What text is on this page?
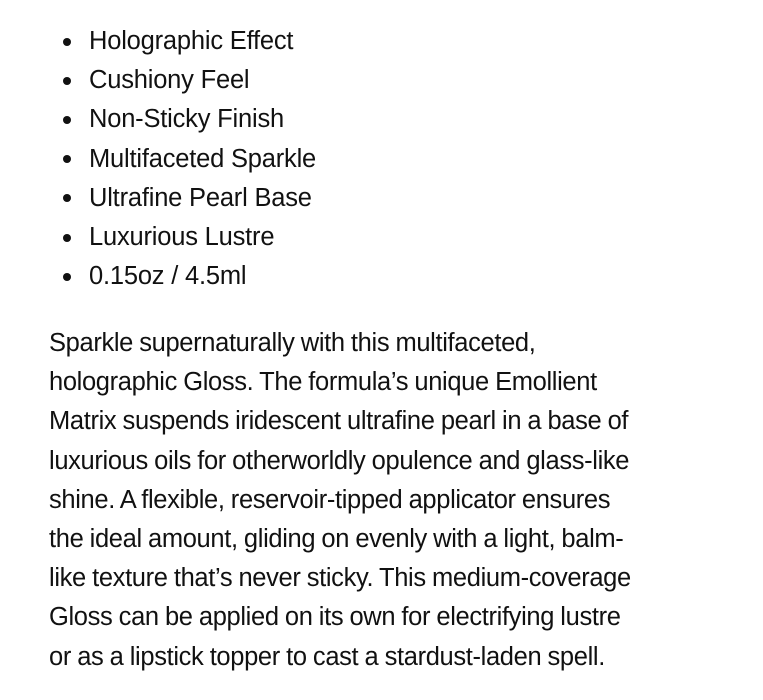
Holographic Effect
Cushiony Feel
Non-Sticky Finish
Multifaceted Sparkle
Ultrafine Pearl Base
Luxurious Lustre
0.15oz / 4.5ml

Sparkle supernaturally with this multifaceted,
holographic Gloss. The formula’s unique Emollient
Matrix suspends iridescent ultrafine pearl in a base of
luxurious oils for otherworldly opulence and glass-like
shine. A flexible, reservoir-tipped applicator ensures
the ideal amount, gliding on evenly with a light, balm-
like texture that’s never sticky. This medium-coverage
Gloss can be applied on its own for electrifying lustre
or as a lipstick topper to cast a stardust-laden spell.
